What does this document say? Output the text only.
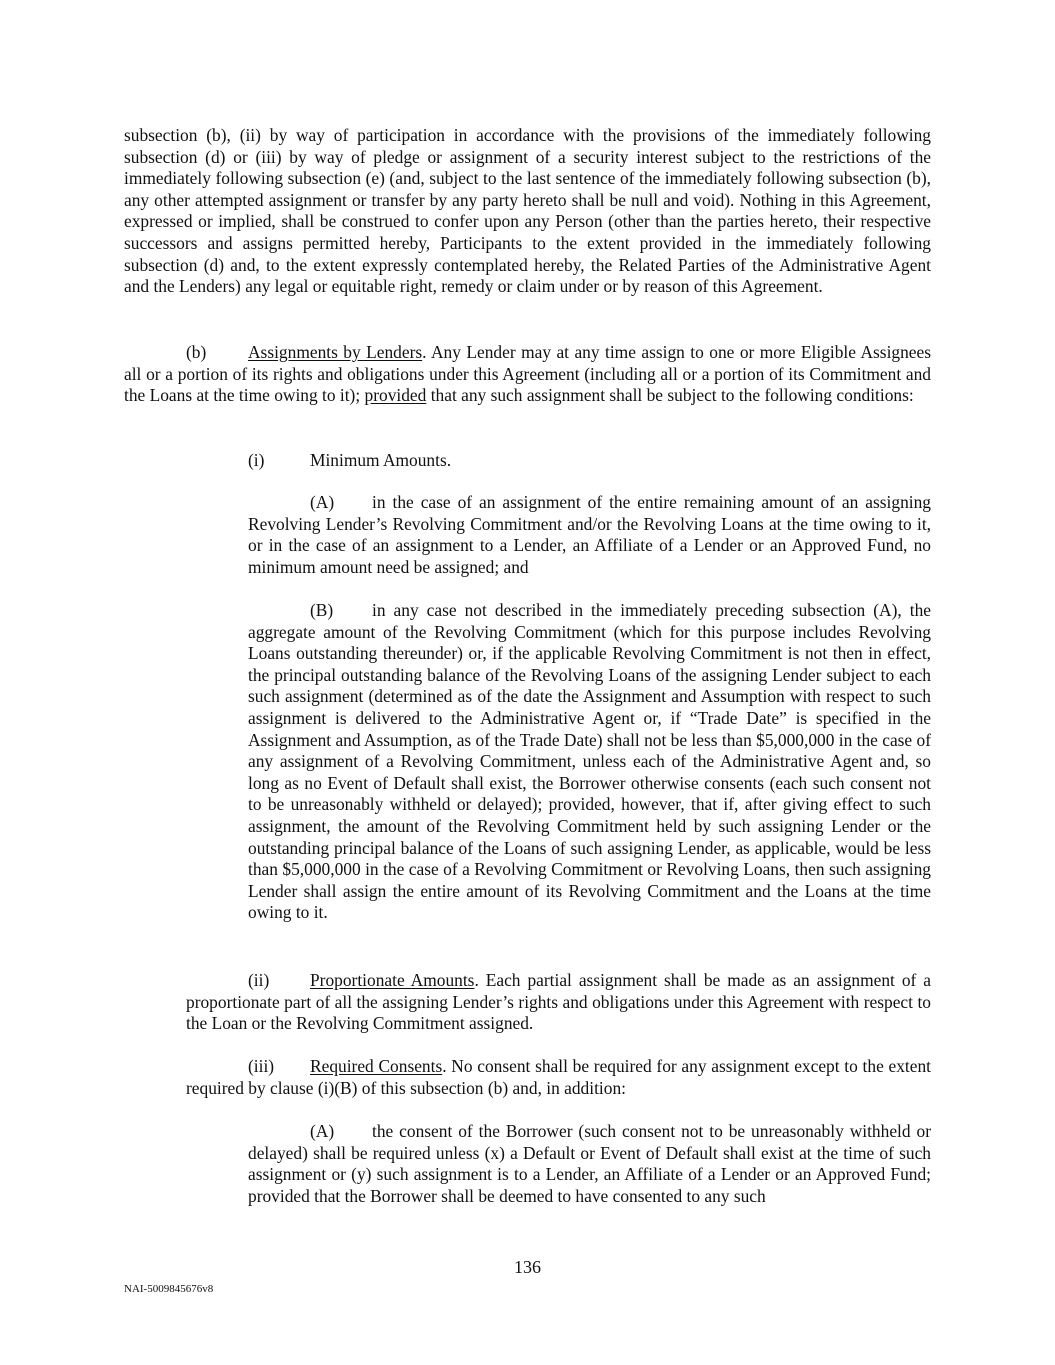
subsection (b), (ii) by way of participation in accordance with the provisions of the immediately following subsection (d) or (iii) by way of pledge or assignment of a security interest subject to the restrictions of the immediately following subsection (e) (and, subject to the last sentence of the immediately following subsection (b), any other attempted assignment or transfer by any party hereto shall be null and void). Nothing in this Agreement, expressed or implied, shall be construed to confer upon any Person (other than the parties hereto, their respective successors and assigns permitted hereby, Participants to the extent provided in the immediately following subsection (d) and, to the extent expressly contemplated hereby, the Related Parties of the Administrative Agent and the Lenders) any legal or equitable right, remedy or claim under or by reason of this Agreement.

(b) Assignments by Lenders. Any Lender may at any time assign to one or more Eligible Assignees all or a portion of its rights and obligations under this Agreement (including all or a portion of its Commitment and the Loans at the time owing to it); provided that any such assignment shall be subject to the following conditions:

(i)	Minimum Amounts.

(A) in the case of an assignment of the entire remaining amount of an assigning Revolving Lender’s Revolving Commitment and/or the Revolving Loans at the time owing to it, or in the case of an assignment to a Lender, an Affiliate of a Lender or an Approved Fund, no minimum amount need be assigned; and

(B) in any case not described in the immediately preceding subsection (A), the aggregate amount of the Revolving Commitment (which for this purpose includes Revolving Loans outstanding thereunder) or, if the applicable Revolving Commitment is not then in effect, the principal outstanding balance of the Revolving Loans of the assigning Lender subject to each such assignment (determined as of the date the Assignment and Assumption with respect to such assignment is delivered to the Administrative Agent or, if “Trade Date” is specified in the Assignment and Assumption, as of the Trade Date) shall not be less than $5,000,000 in the case of any assignment of a Revolving Commitment, unless each of the Administrative Agent and, so long as no Event of Default shall exist, the Borrower otherwise consents (each such consent not to be unreasonably withheld or delayed); provided, however, that if, after giving effect to such assignment, the amount of the Revolving Commitment held by such assigning Lender or the outstanding principal balance of the Loans of such assigning Lender, as applicable, would be less than $5,000,000 in the case of a Revolving Commitment or Revolving Loans, then such assigning Lender shall assign the entire amount of its Revolving Commitment and the Loans at the time owing to it.

(ii) Proportionate Amounts. Each partial assignment shall be made as an assignment of a proportionate part of all the assigning Lender’s rights and obligations under this Agreement with respect to the Loan or the Revolving Commitment assigned.

(iii) Required Consents. No consent shall be required for any assignment except to the extent required by clause (i)(B) of this subsection (b) and, in addition:

(A) the consent of the Borrower (such consent not to be unreasonably withheld or delayed) shall be required unless (x) a Default or Event of Default shall exist at the time of such assignment or (y) such assignment is to a Lender, an Affiliate of a Lender or an Approved Fund; provided that the Borrower shall be deemed to have consented to any such

136

NAI-5009845676v8
